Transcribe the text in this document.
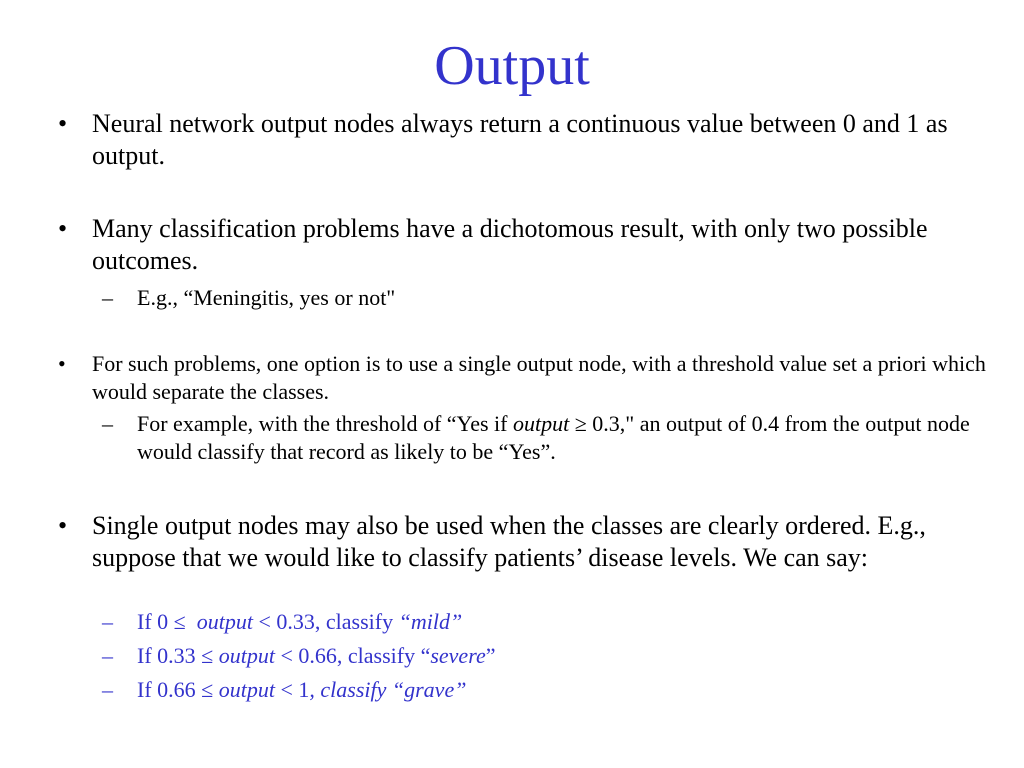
Output
• Neural network output nodes always return a continuous value between 0 and 1 as output.
• Many classification problems have a dichotomous result, with only two possible outcomes.
– E.g., “Meningitis, yes or not"
• For such problems, one option is to use a single output node, with a threshold value set a priori which would separate the classes.
– For example, with the threshold of “Yes if output ≥ 0.3," an output of 0.4 from the output node would classify that record as likely to be “Yes”.
• Single output nodes may also be used when the classes are clearly ordered. E.g., suppose that we would like to classify patients’ disease levels. We can say:
– If 0 ≤  output < 0.33, classify “mild”
– If 0.33 ≤ output < 0.66, classify “severe”
– If 0.66 ≤ output < 1, classify “grave”
